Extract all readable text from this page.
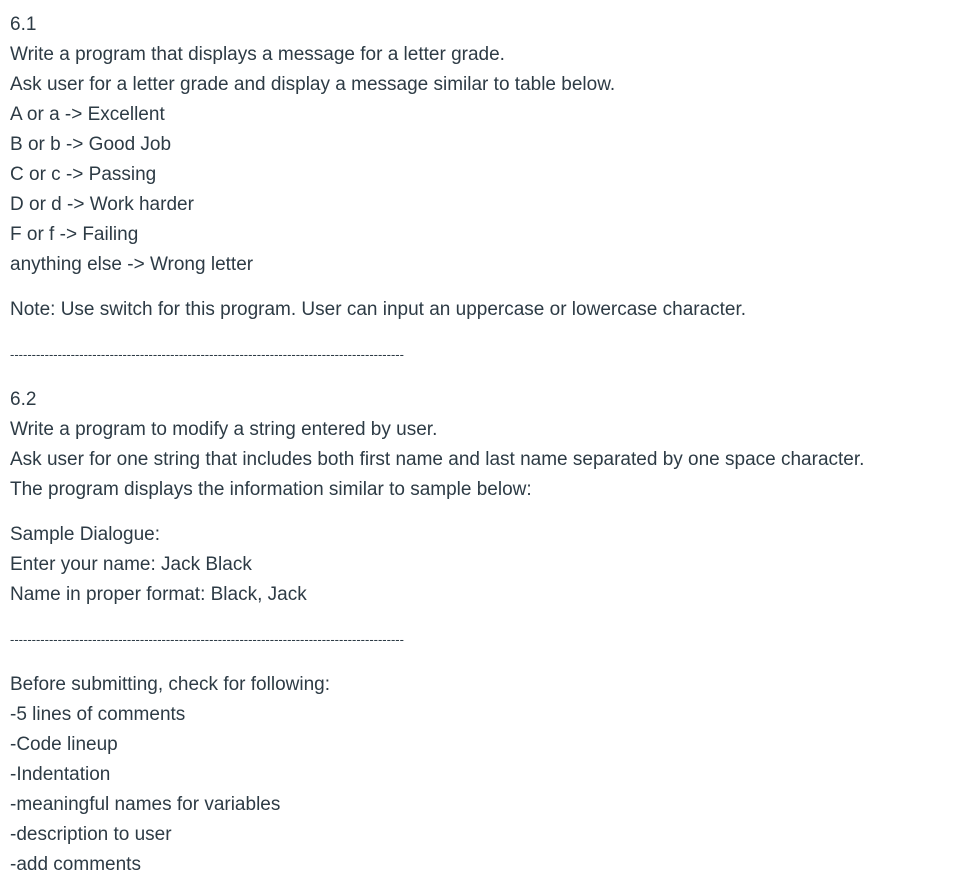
6.1
Write a program that displays a message for a letter grade.
Ask user for a letter grade and display a message similar to table below.
A or a -> Excellent
B or b -> Good Job
C or c -> Passing
D or d -> Work harder
F or f -> Failing
anything else -> Wrong letter
Note: Use switch for this program. User can input an uppercase or lowercase character.
-------------------------------------------------------------------------------------------
6.2
Write a program to modify a string entered by user.
Ask user for one string that includes both first name and last name separated by one space character.
The program displays the information similar to sample below:
Sample Dialogue:
Enter your name: Jack Black
Name in proper format: Black, Jack
-------------------------------------------------------------------------------------------
Before submitting, check for following:
-5 lines of comments
-Code lineup
-Indentation
-meaningful names for variables
-description to user
-add comments
